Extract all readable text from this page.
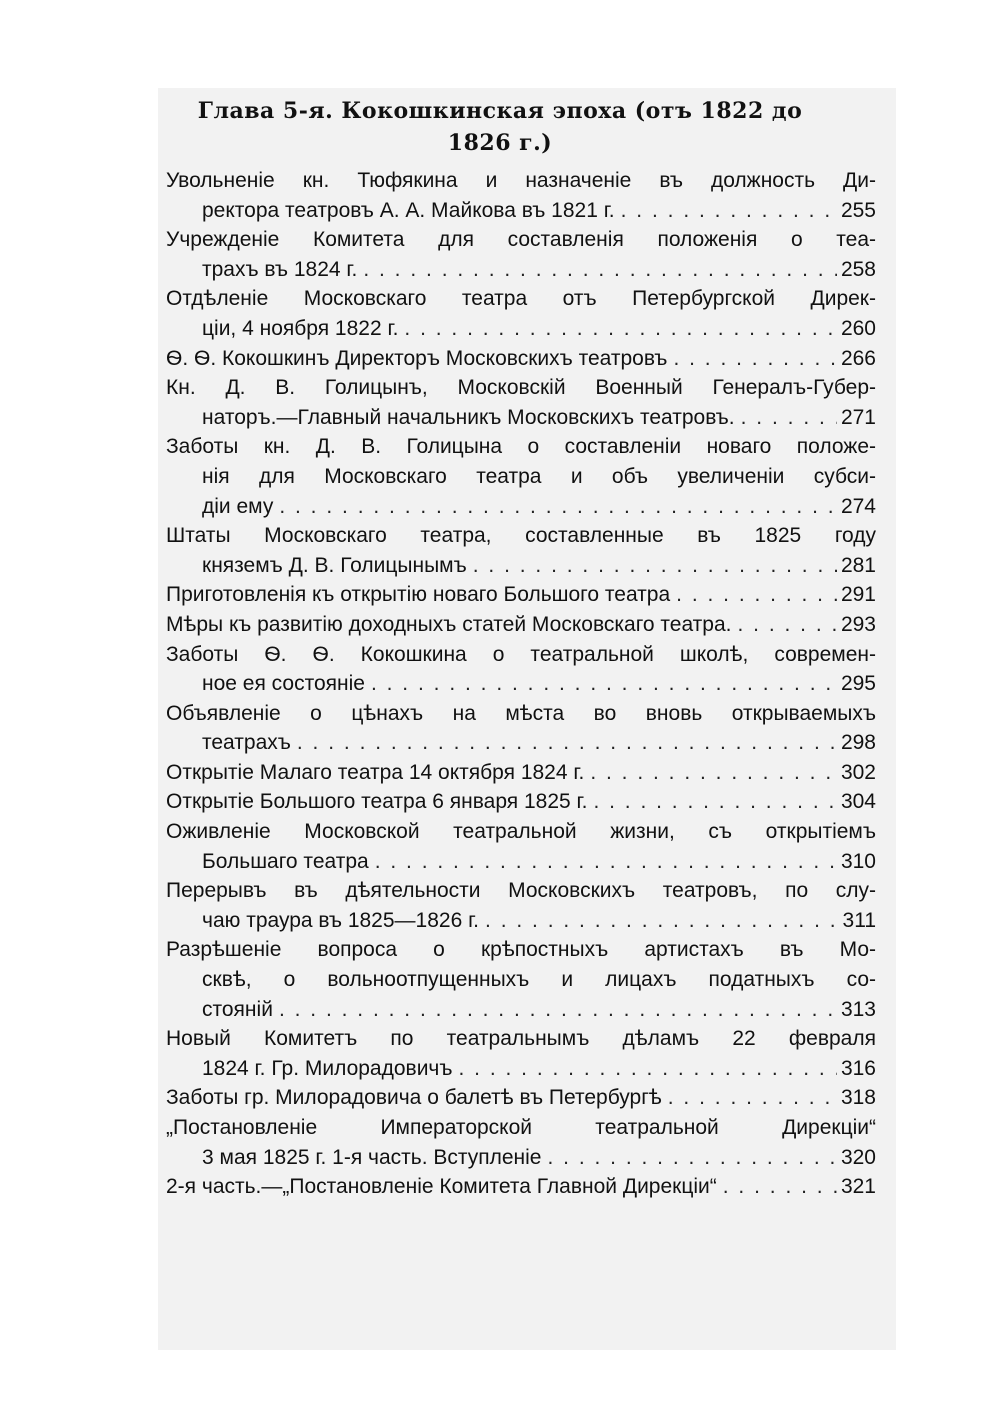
Глава 5-я. Кокошкинская эпоха (отъ 1822 до
1826 г.)
Увольненіе кн. Тюфякина и назначеніе въ должность Ди-
ректора театровъ А. А. Майкова въ 1821 г. . . .	255
Учрежденіе Комитета для составленія положенія о теа-
трахъ въ 1824 г. . . .	258
Отдѣленіе Московскаго театра отъ Петербургской Дирек-
ціи, 4 ноября 1822 г. . . .	260
Ѳ. Ѳ. Кокошкинъ Директоръ Московскихъ театровъ . . .	266
Кн. Д. В. Голицынъ, Московскій Военный Генералъ-Губер-
наторъ.—Главный начальникъ Московскихъ театровъ. . . .	271
Заботы кн. Д. В. Голицына о составленіи новаго положе-
нія для Московскаго театра и объ увеличеніи субси-
діи ему . . .	274
Штаты Московскаго театра, составленные въ 1825 году
княземъ Д. В. Голицынымъ . . .	281
Приготовленія къ открытію новаго Большого театра . . .	291
Мѣры къ развитію доходныхъ статей Московскаго театра. . . .	293
Заботы Ѳ. Ѳ. Кокошкина о театральной школѣ, современ-
ное ея состояніе . . .	295
Объявленіе о цѣнахъ на мѣста во вновь открываемыхъ
театрахъ . . .	298
Открытіе Малаго театра 14 октября 1824 г. . . .	302
Открытіе Большого театра 6 января 1825 г. . . .	304
Оживленіе Московской театральной жизни, съ открытіемъ
Большаго театра . . .	310
Перерывъ въ дѣятельности Московскихъ театровъ, по слу-
чаю траура въ 1825—1826 г. . . .	311
Разрѣшеніе вопроса о крѣпостныхъ артистахъ въ Мо-
сквѣ, о вольноотпущенныхъ и лицахъ податныхъ со-
стояній . . .	313
Новый Комитетъ по театральнымъ дѣламъ 22 февраля
1824 г. Гр. Милорадовичъ . . .	316
Заботы гр. Милорадовича о балетѣ въ Петербургѣ . . .	318
„Постановленіе Императорской театральной Дирекціи“
3 мая 1825 г. 1-я часть. Вступленіе . . .	320
2-я часть.—„Постановленіе Комитета Главной Дирекціи“ . . .	321
